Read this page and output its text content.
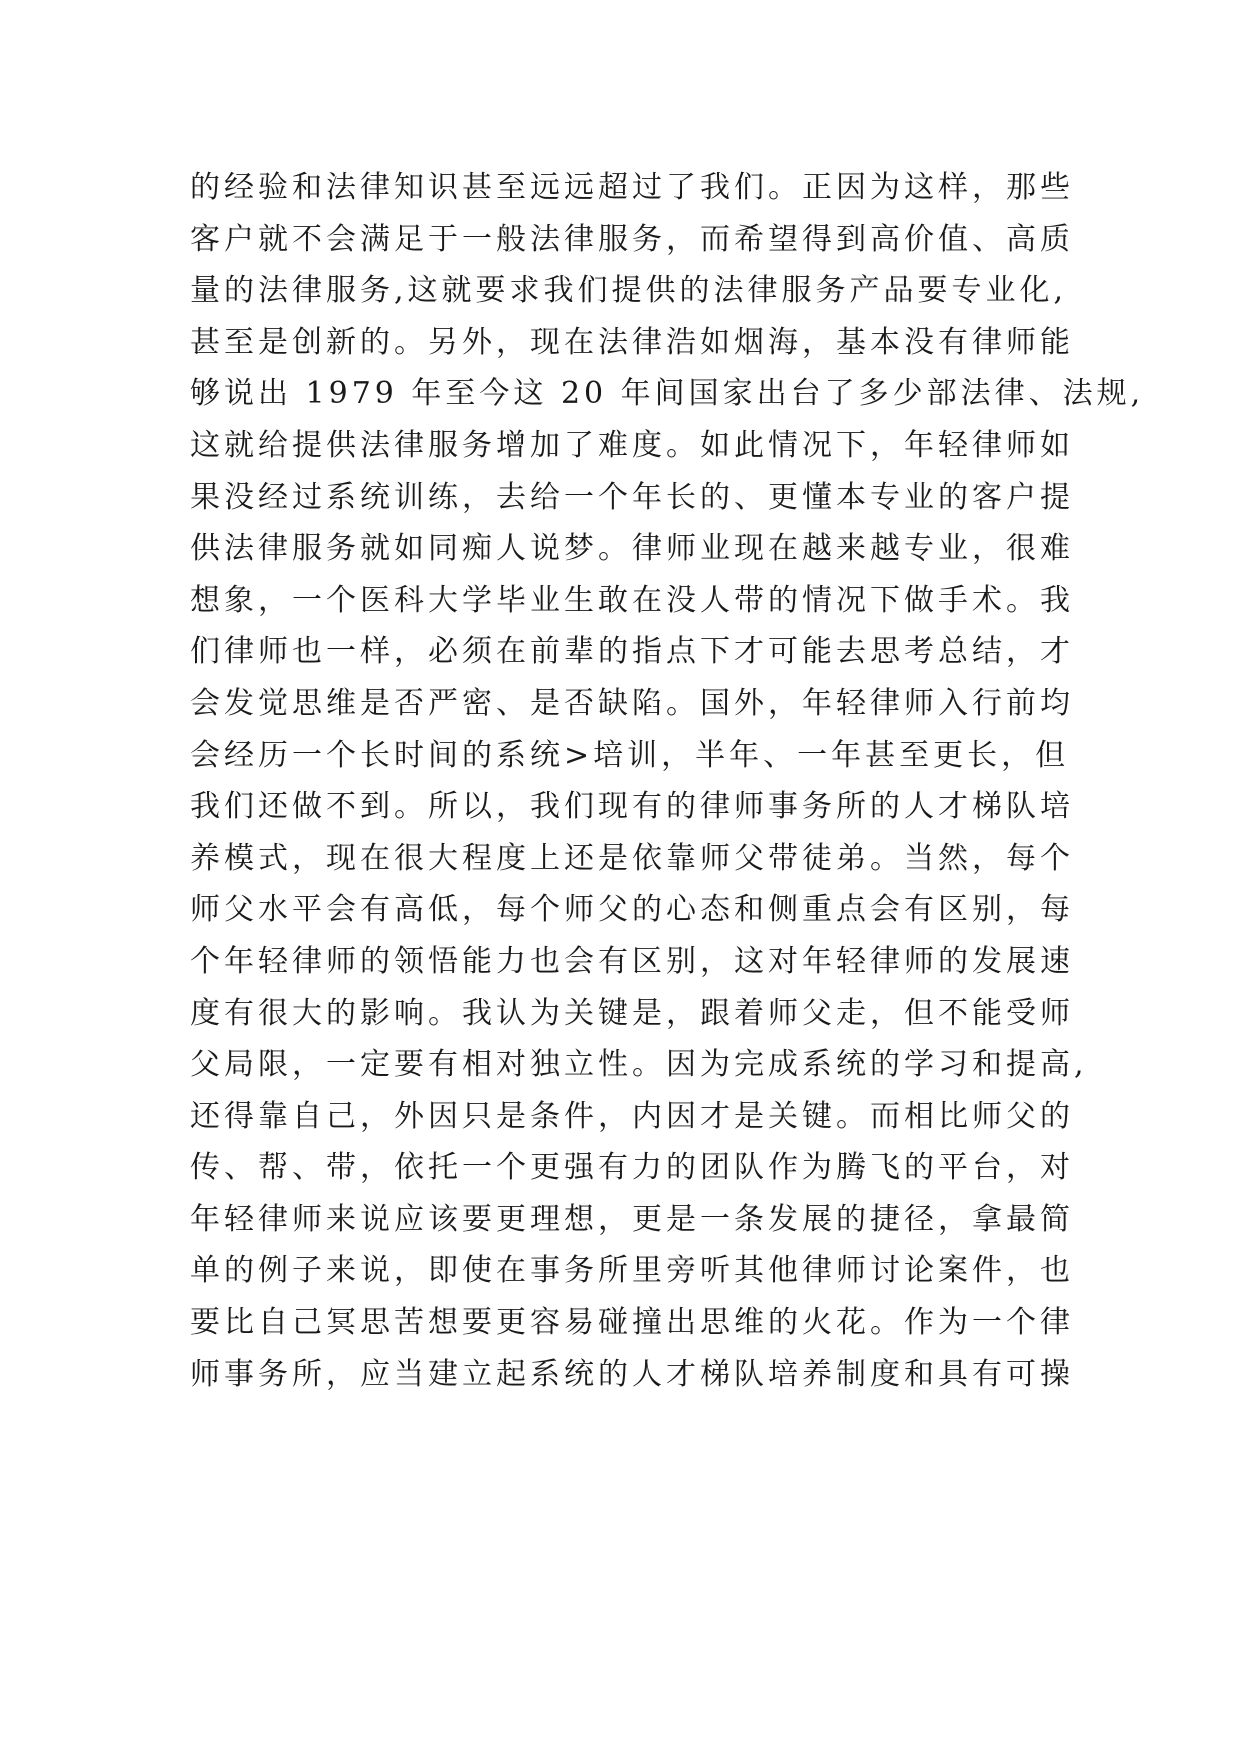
的经验和法律知识甚至远远超过了我们。正因为这样，那些
客户就不会满足于一般法律服务，而希望得到高价值、高质
量的法律服务,这就要求我们提供的法律服务产品要专业化,
甚至是创新的。另外，现在法律浩如烟海，基本没有律师能
够说出 1979 年至今这 20 年间国家出台了多少部法律、法规,
这就给提供法律服务增加了难度。如此情况下，年轻律师如
果没经过系统训练，去给一个年长的、更懂本专业的客户提
供法律服务就如同痴人说梦。律师业现在越来越专业，很难
想象，一个医科大学毕业生敢在没人带的情况下做手术。我
们律师也一样，必须在前辈的指点下才可能去思考总结，才
会发觉思维是否严密、是否缺陷。国外，年轻律师入行前均
会经历一个长时间的系统>培训，半年、一年甚至更长，但
我们还做不到。所以，我们现有的律师事务所的人才梯队培
养模式，现在很大程度上还是依靠师父带徒弟。当然，每个
师父水平会有高低，每个师父的心态和侧重点会有区别，每
个年轻律师的领悟能力也会有区别，这对年轻律师的发展速
度有很大的影响。我认为关键是，跟着师父走，但不能受师
父局限，一定要有相对独立性。因为完成系统的学习和提高,
还得靠自己，外因只是条件，内因才是关键。而相比师父的
传、帮、带，依托一个更强有力的团队作为腾飞的平台，对
年轻律师来说应该要更理想，更是一条发展的捷径，拿最简
单的例子来说，即使在事务所里旁听其他律师讨论案件，也
要比自己冥思苦想要更容易碰撞出思维的火花。作为一个律
师事务所，应当建立起系统的人才梯队培养制度和具有可操
